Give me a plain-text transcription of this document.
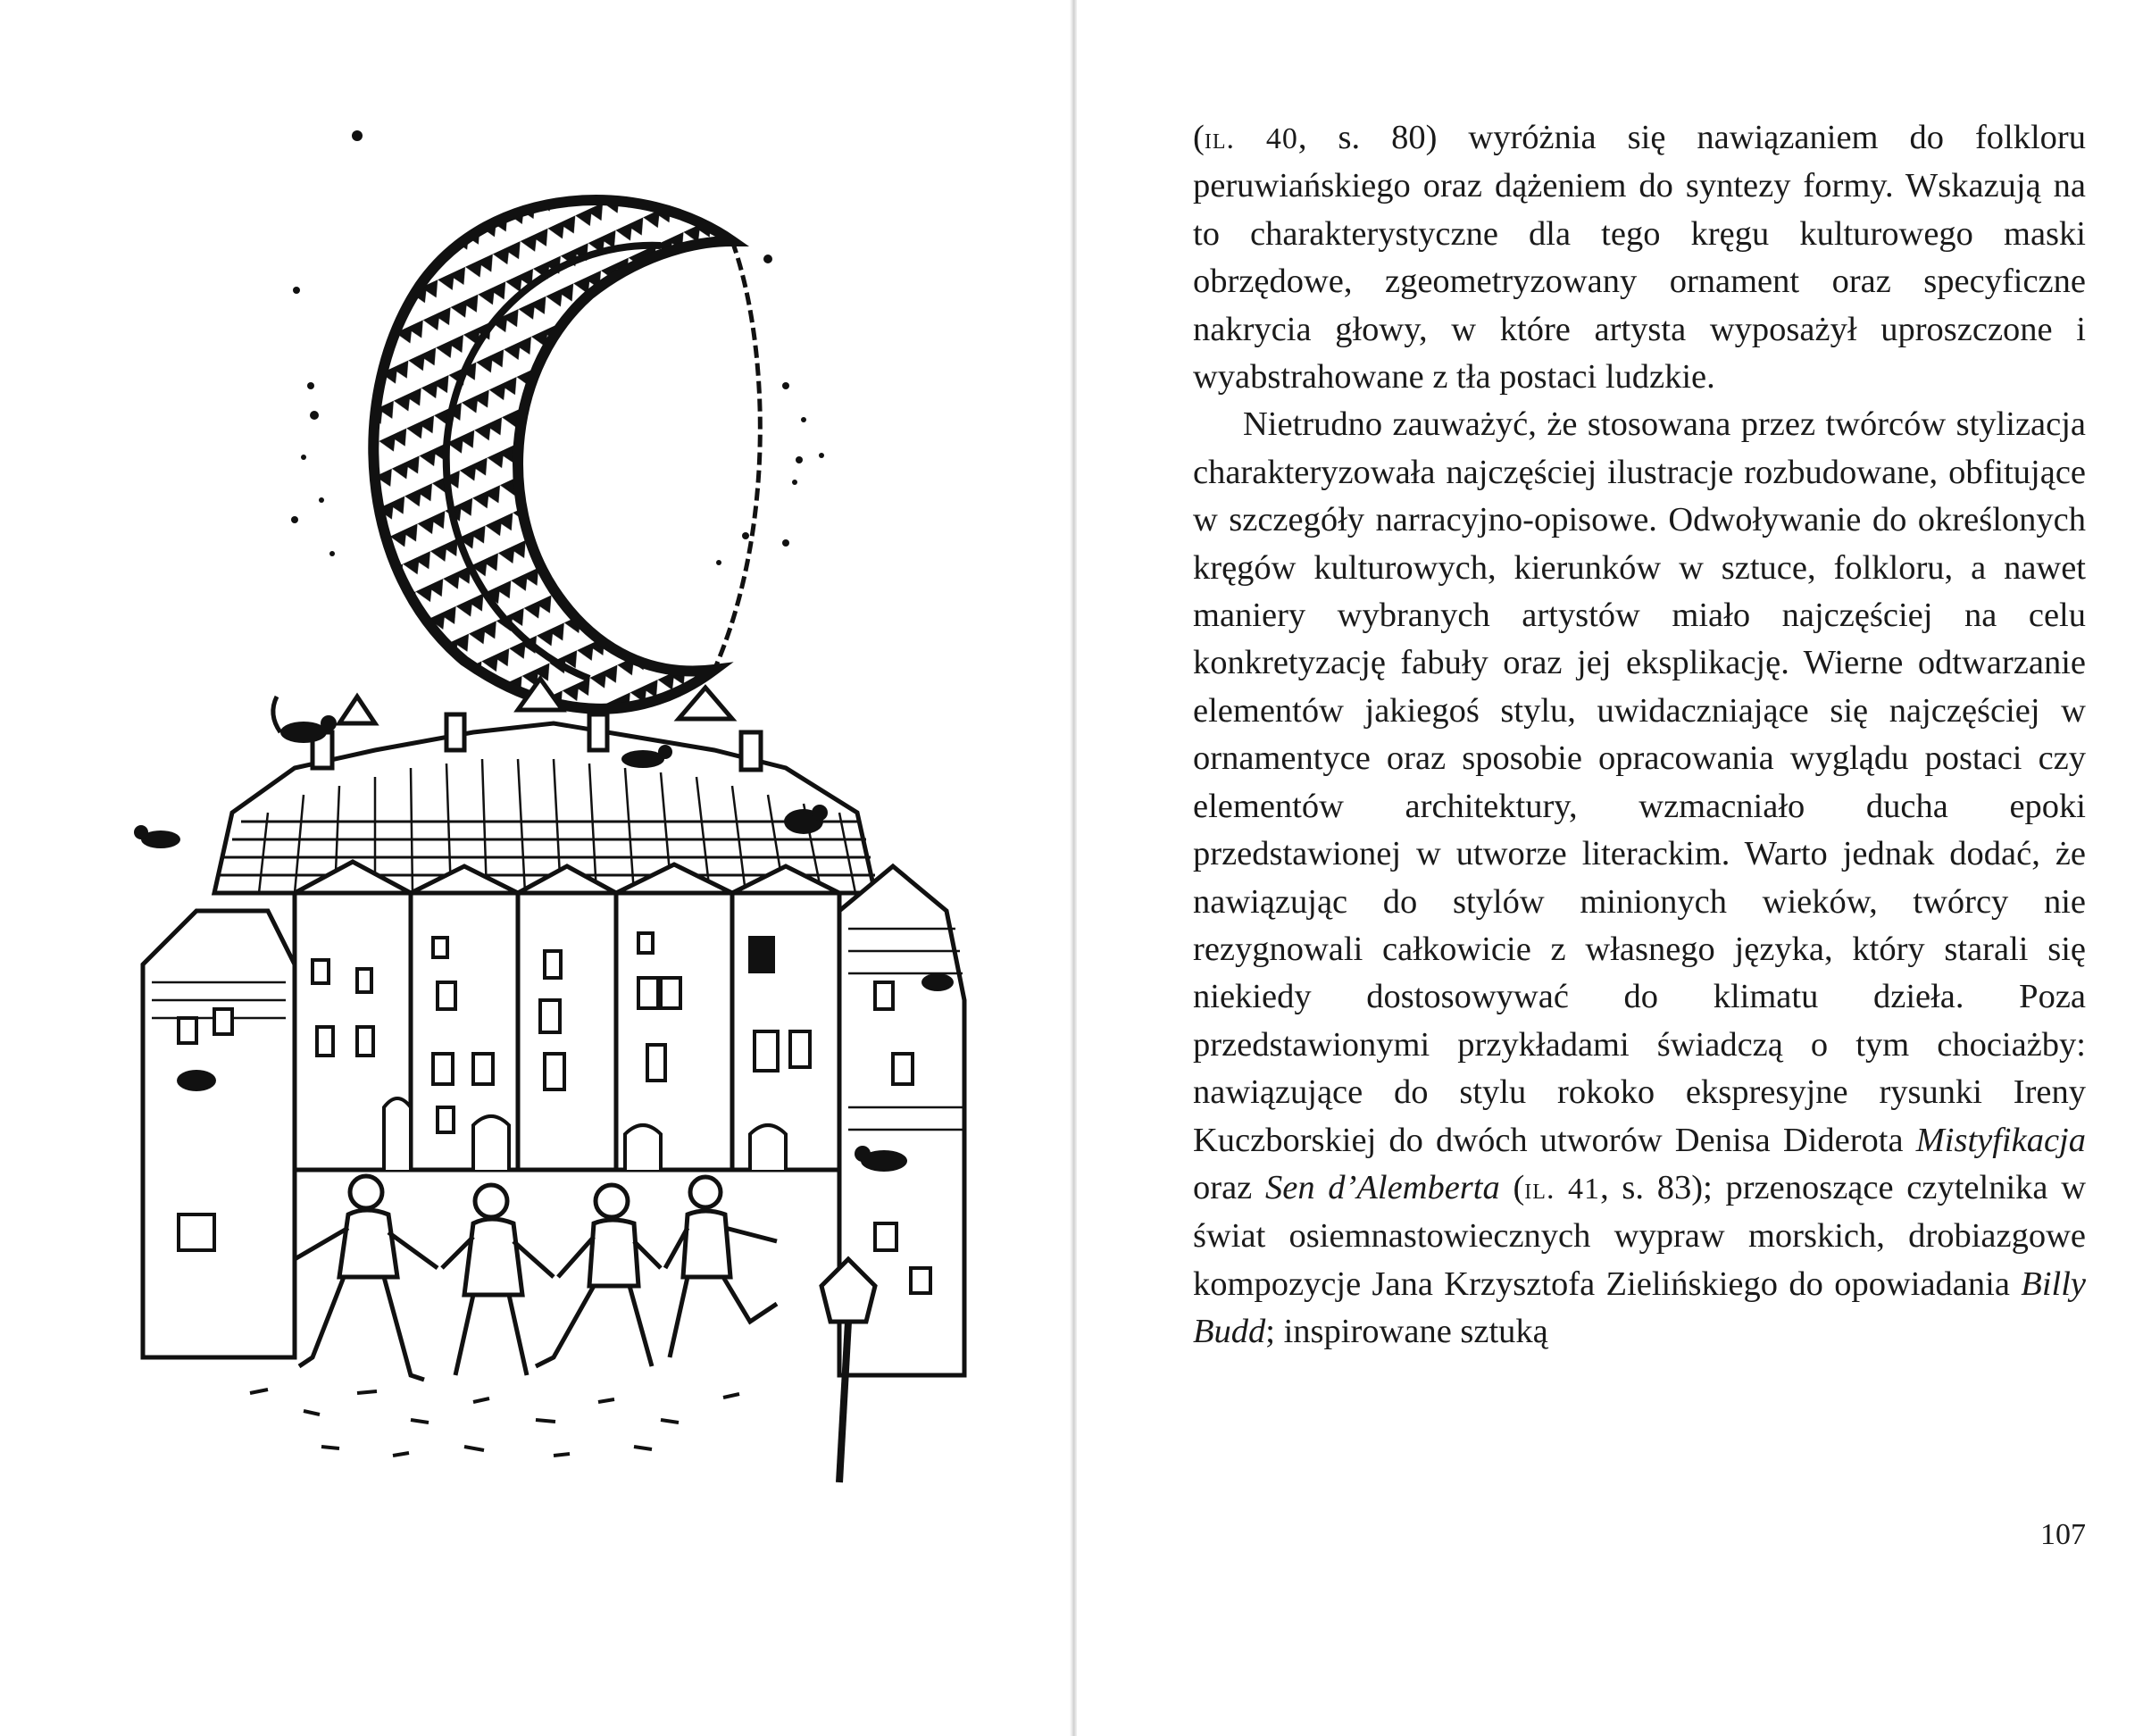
(il. 40, s. 80) wyróżnia się nawiązaniem do folkloru peruwiańskiego oraz dążeniem do syntezy formy. Wskazują na to charakterystyczne dla tego kręgu kulturowego maski obrzędowe, zgeometryzowany ornament oraz specyficzne nakrycia głowy, w które artysta wyposażył uproszczone i wyabstrahowane z tła postaci ludzkie.

Nietrudno zauważyć, że stosowana przez twórców stylizacja charakteryzowała najczęściej ilustracje rozbudowane, obfitujące w szczegóły narracyjno-opisowe. Odwoływanie do określonych kręgów kulturowych, kierunków w sztuce, folkloru, a nawet maniery wybranych artystów miało najczęściej na celu konkretyzację fabuły oraz jej eksplikację. Wierne odtwarzanie elementów jakiegoś stylu, uwidaczniające się najczęściej w ornamentyce oraz sposobie opracowania wyglądu postaci czy elementów architektury, wzmacniało ducha epoki przedstawionej w utworze literackim. Warto jednak dodać, że nawiązując do stylów minionych wieków, twórcy nie rezygnowali całkowicie z własnego języka, który starali się niekiedy dostosowywać do klimatu dzieła. Poza przedstawionymi przykładami świadczą o tym chociażby: nawiązujące do stylu rokoko ekspresyjne rysunki Ireny Kuczborskiej do dwóch utworów Denisa Diderota Mistyfikacja oraz Sen d’Alemberta (il. 41, s. 83); przenoszące czytelnika w świat osiemnastowiecznych wypraw morskich, drobiazgowe kompozycje Jana Krzysztofa Zielińskiego do opowiadania Billy Budd; inspirowane sztuką

107
